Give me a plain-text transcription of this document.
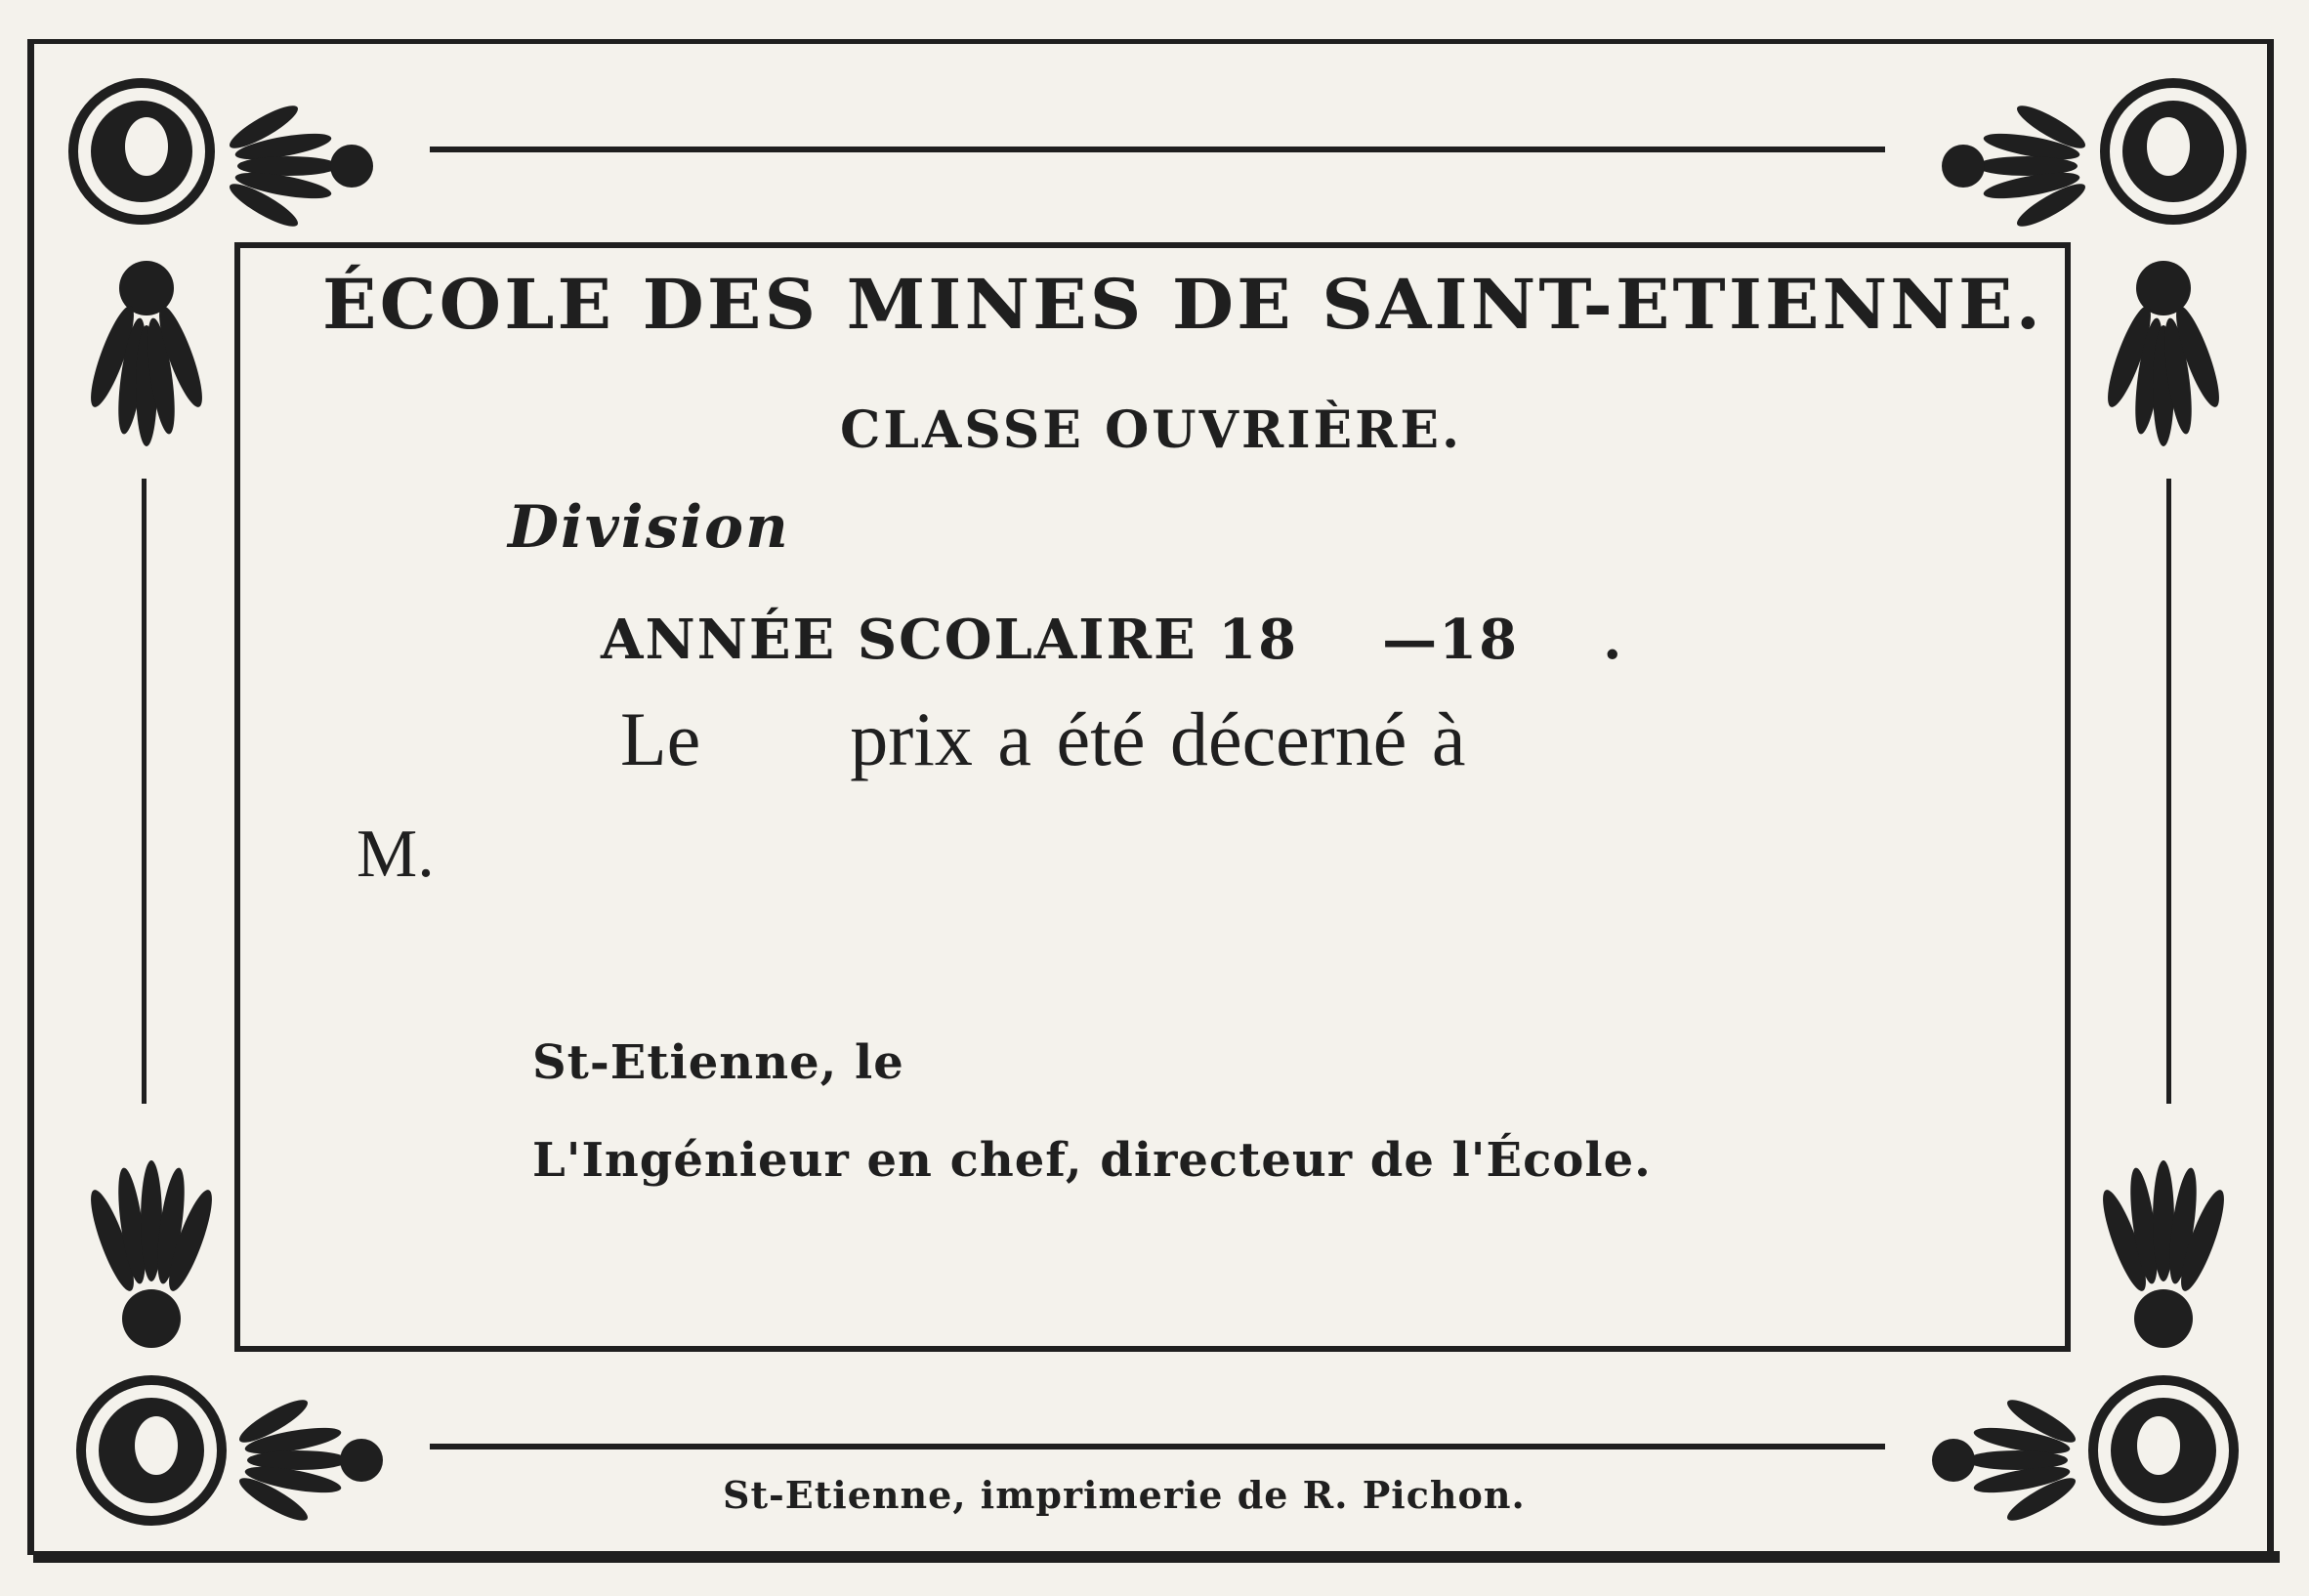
ÉCOLE DES MINES DE SAINT-ETIENNE.
CLASSE OUVRIÈRE.
Division
ANNÉE SCOLAIRE 18    —18    .
Le      prix a été décerné à
M.
St-Etienne, le
L'Ingénieur en chef, directeur de l'École.
St-Etienne, imprimerie de R. Pichon.
